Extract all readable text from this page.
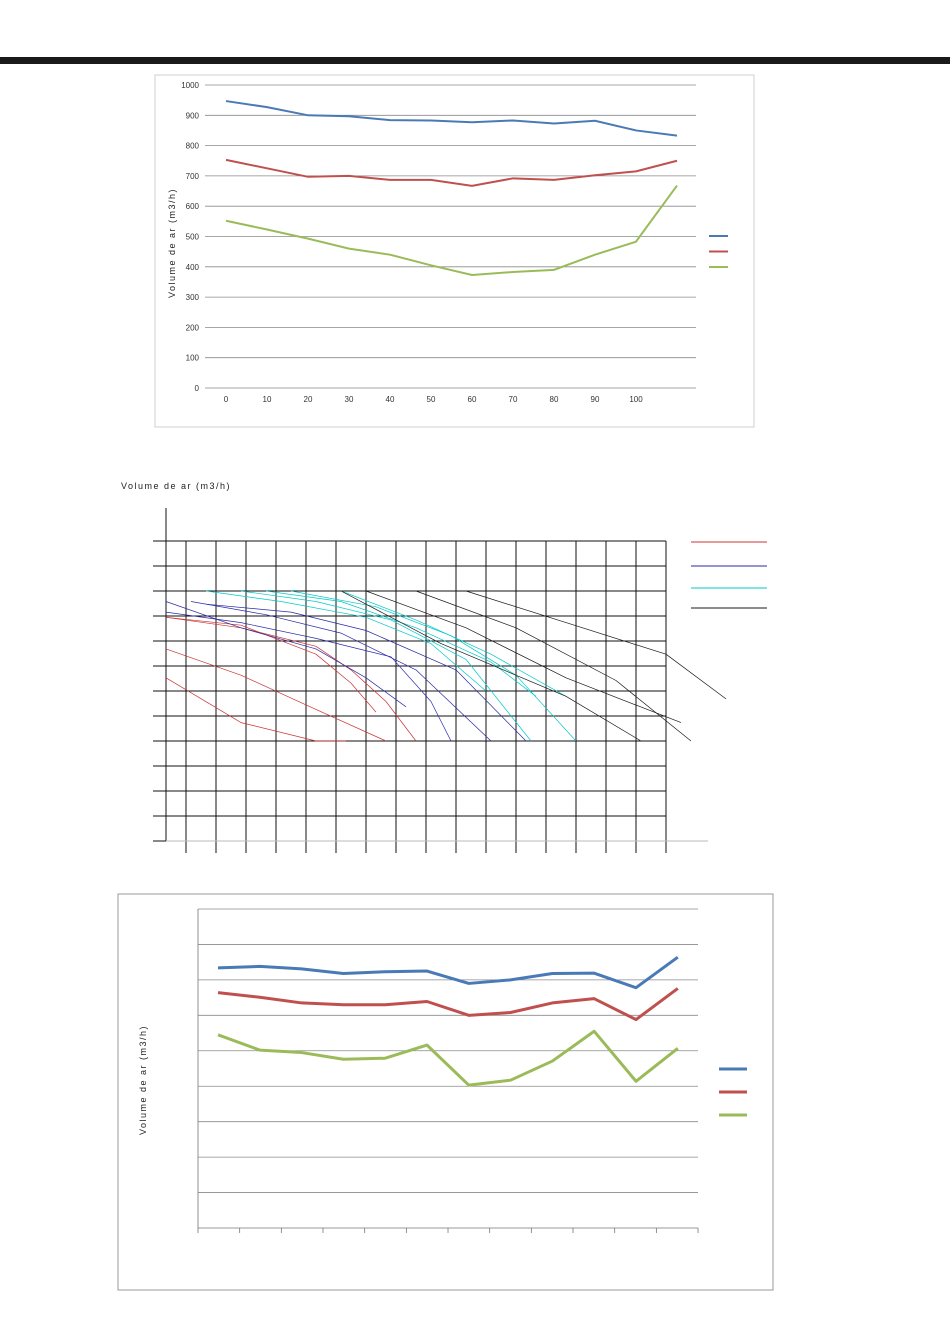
0
100
200
300
400
500
600
700
800
900
1000
0	10	20	30	40	50	60	70	80	90	100
Volume de ar (m3/h)
Volume de ar (m3/h)
Volume de ar (m3/h)
